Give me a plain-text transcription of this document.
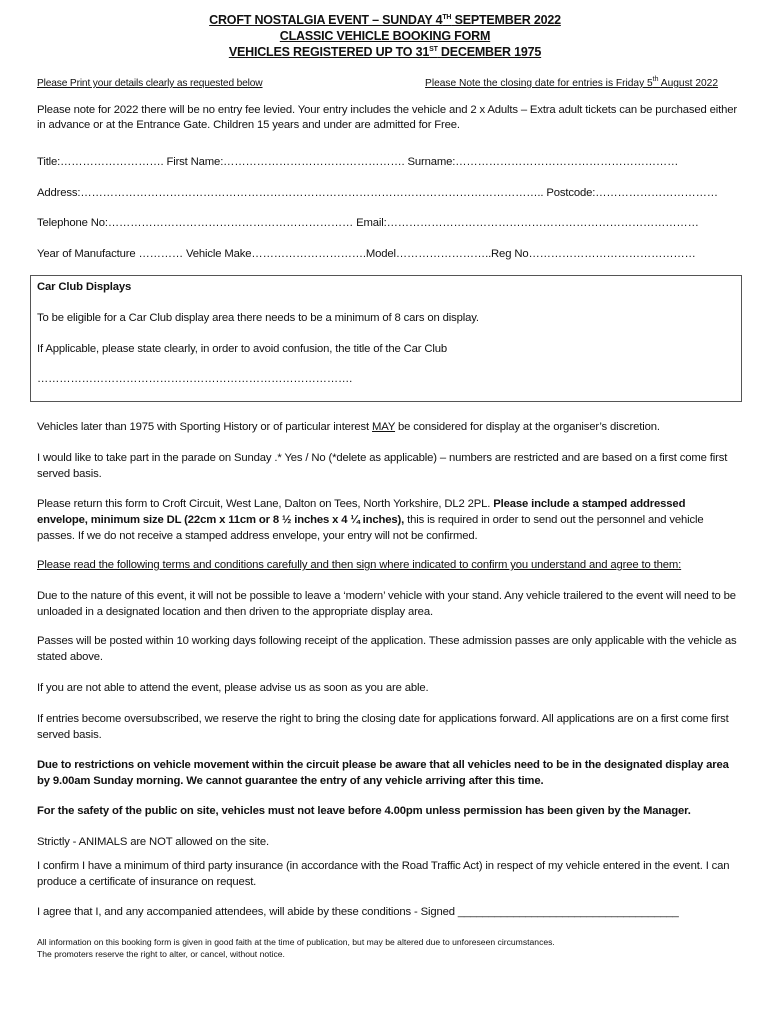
CROFT NOSTALGIA EVENT – SUNDAY 4TH SEPTEMBER 2022
CLASSIC VEHICLE BOOKING FORM
VEHICLES REGISTERED UP TO 31ST DECEMBER 1975
Please Print your details clearly as requested below	Please Note the closing date for entries is Friday 5th August 2022
Please note for 2022 there will be no entry fee levied. Your entry includes the vehicle and 2 x Adults – Extra adult tickets can be purchased either in advance or at the Entrance Gate. Children 15 years and under are admitted for Free.
Title:………………………. First Name:…………………………………………. Surname:……………………………………………………
Address:…………………………………………………………………………………………………………….. Postcode:……………………………
Telephone No:………………………………………………………… Email:…………………………………………………………………………
Year of Manufacture ………… Vehicle Make………………………….Model……………………..Reg No………………………………………
Car Club Displays
To be eligible for a Car Club display area there needs to be a minimum of 8 cars on display.
If Applicable, please state clearly, in order to avoid confusion, the title of the Car Club
………………………………………………………………………….
Vehicles later than 1975 with Sporting History or of particular interest MAY be considered for display at the organiser’s discretion.
I would like to take part in the parade on Sunday .* Yes / No (*delete as applicable) – numbers are restricted and are based on a first come first served basis.
Please return this form to Croft Circuit, West Lane, Dalton on Tees, North Yorkshire, DL2 2PL. Please include a stamped addressed envelope, minimum size DL (22cm x 11cm or 8 ½ inches x 4 ¼ inches), this is required in order to send out the personnel and vehicle passes. If we do not receive a stamped address envelope, your entry will not be confirmed.
Please read the following terms and conditions carefully and then sign where indicated to confirm you understand and agree to them:
Due to the nature of this event, it will not be possible to leave a ‘modern’ vehicle with your stand. Any vehicle trailered to the event will need to be unloaded in a designated location and then driven to the appropriate display area.
Passes will be posted within 10 working days following receipt of the application. These admission passes are only applicable with the vehicle as stated above.
If you are not able to attend the event, please advise us as soon as you are able.
If entries become oversubscribed, we reserve the right to bring the closing date for applications forward. All applications are on a first come first served basis.
Due to restrictions on vehicle movement within the circuit please be aware that all vehicles need to be in the designated display area by 9.00am Sunday morning. We cannot guarantee the entry of any vehicle arriving after this time.
For the safety of the public on site, vehicles must not leave before 4.00pm unless permission has been given by the Manager.
Strictly - ANIMALS are NOT allowed on the site.
I confirm I have a minimum of third party insurance (in accordance with the Road Traffic Act) in respect of my vehicle entered in the event. I can produce a certificate of insurance on request.
I agree that I, and any accompanied attendees, will abide by these conditions - Signed ____________________________________
All information on this booking form is given in good faith at the time of publication, but may be altered due to unforeseen circumstances.
The promoters reserve the right to alter, or cancel, without notice.
